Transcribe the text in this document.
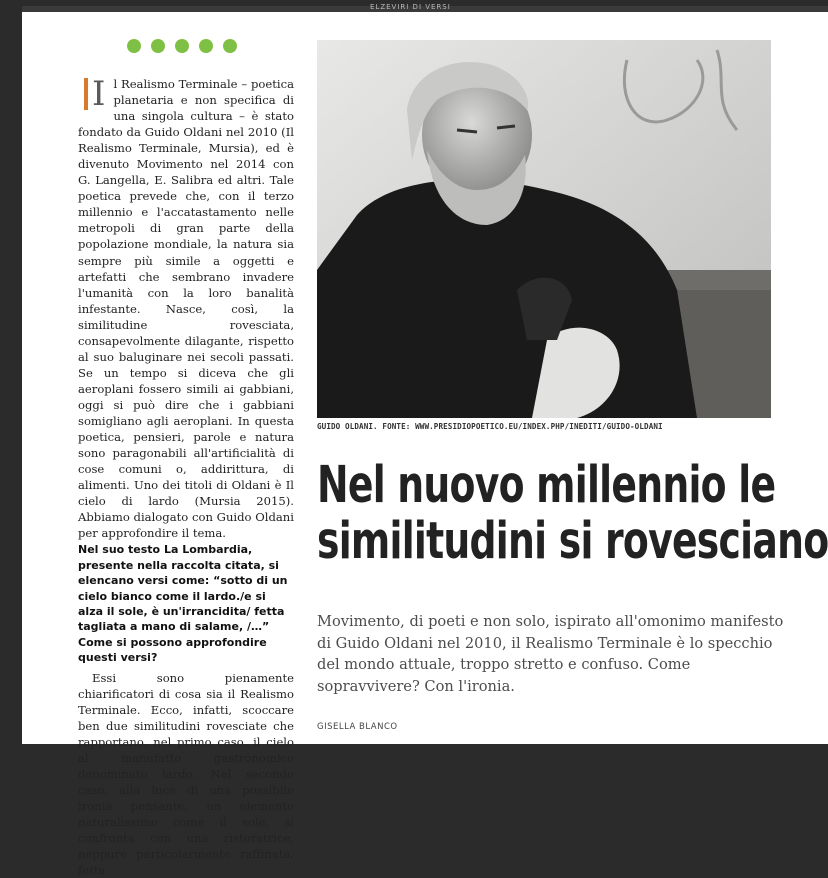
ELZEVIRI DI VERSI

I l Realismo Terminale – poetica planetaria e non specifica di una singola cultura – è stato fondato da Guido Oldani nel 2010 (Il Realismo Terminale, Mursia), ed è divenuto Movimento nel 2014 con G. Langella, E. Salibra ed altri. Tale poetica prevede che, con il terzo millennio e l'accatastamento nelle metropoli di gran parte della popolazione mondiale, la natura sia sempre più simile a oggetti e artefatti che sembrano invadere l'umanità con la loro banalità infestante. Nasce, così, la similitudine rovesciata, consapevolmente dilagante, rispetto al suo baluginare nei secoli passati. Se un tempo si diceva che gli aeroplani fossero simili ai gabbiani, oggi si può dire che i gabbiani somigliano agli aeroplani. In questa poetica, pensieri, parole e natura sono paragonabili all'artificialità di cose comuni o, addirittura, di alimenti. Uno dei titoli di Oldani è Il cielo di lardo (Mursia 2015). Abbiamo dialogato con Guido Oldani per approfondire il tema.

Nel suo testo La Lombardia, presente nella raccolta citata, si elencano versi come: “sotto di un cielo bianco come il lardo./e si alza il sole, è un'irrancidita/ fetta tagliata a mano di salame, /…” Come si possono approfondire questi versi?

Essi sono pienamente chiarificatori di cosa sia il Realismo Terminale. Ecco, infatti, scoccare ben due similitudini rovesciate che rapportano, nel primo caso, il cielo al manufatto gastronomico denominato lardo. Nel secondo caso, alla luce di una possibile ironia pensante, un elemento naturalissimo come il sole, si confronta con una ristoratrice, neppure particolarmente raffinata, fetta

GUIDO OLDANI. FONTE: WWW.PRESIDIOPOETICO.EU/INDEX.PHP/INEDITI/GUIDO-OLDANI
Nel nuovo millennio le
similitudini si rovesciano
Movimento, di poeti e non solo, ispirato all'omonimo manifesto di Guido Oldani nel 2010, il Realismo Terminale è lo specchio del mondo attuale, troppo stretto e confuso. Come sopravvivere? Con l'ironia.
GISELLA BLANCO
